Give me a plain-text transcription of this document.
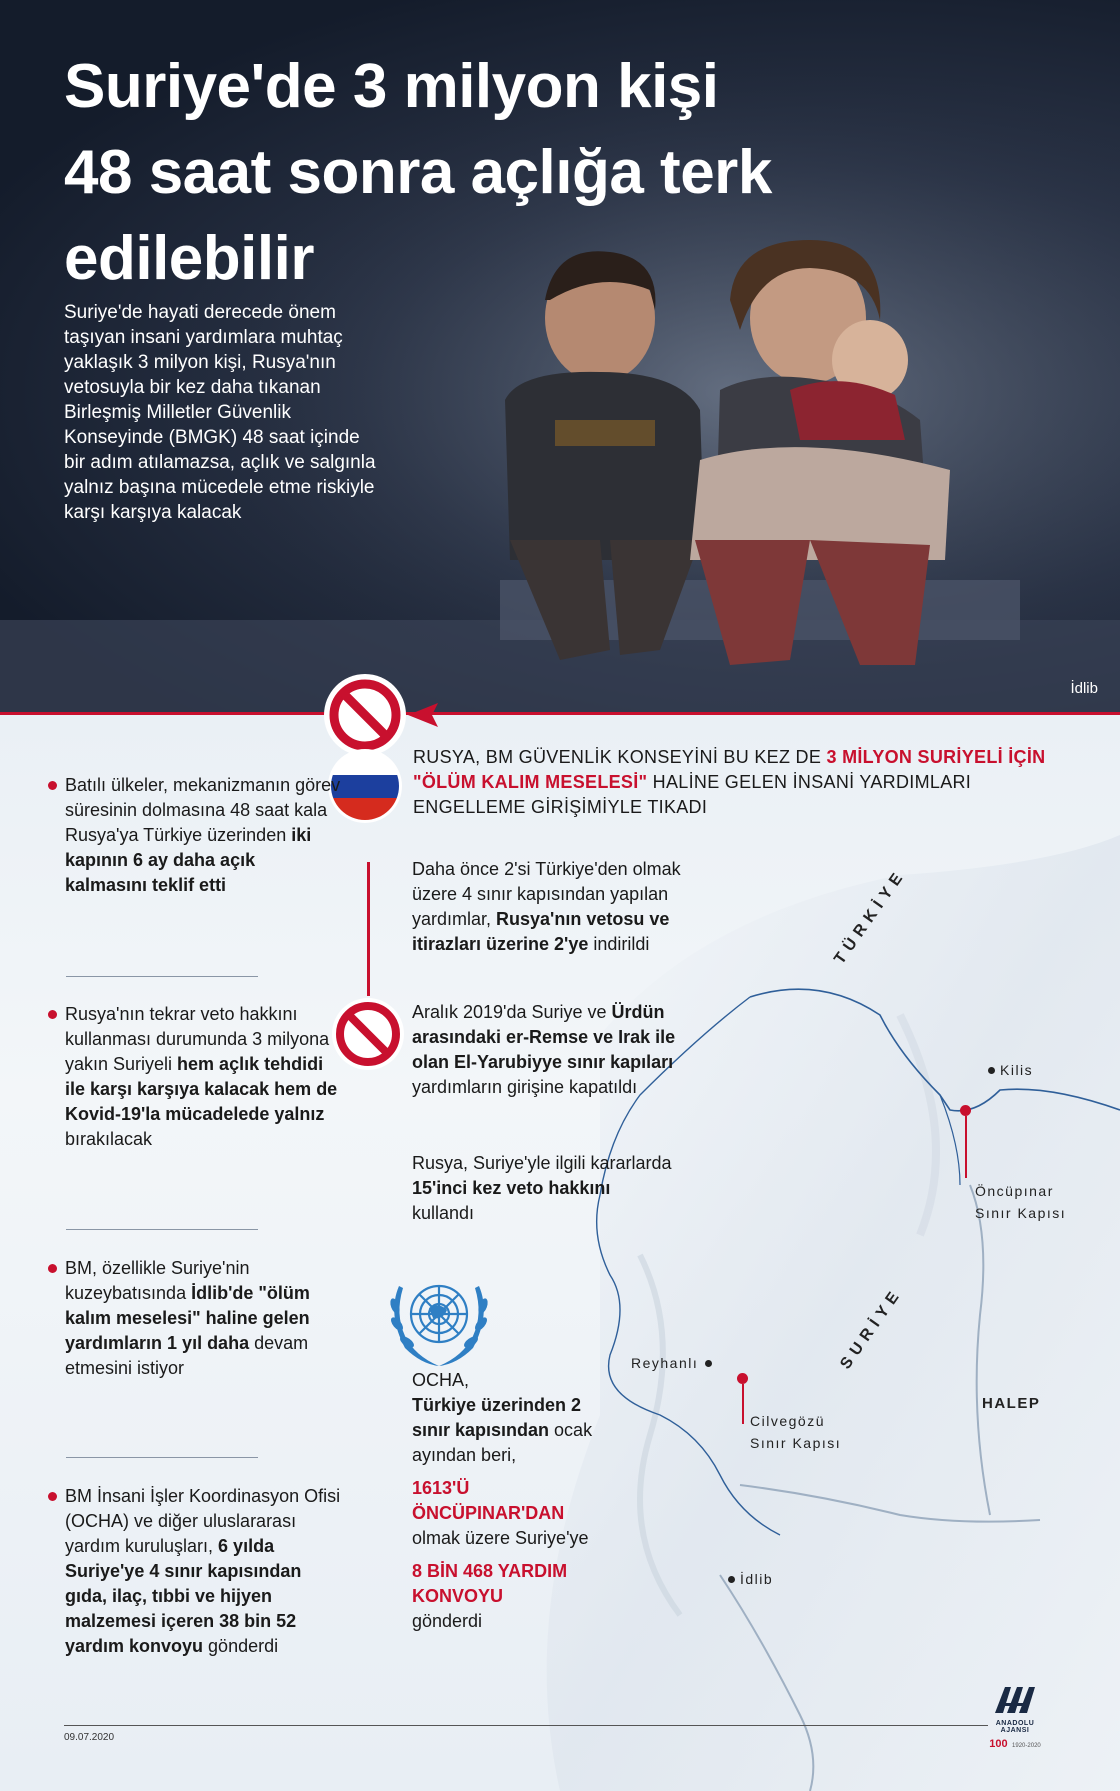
Suriye'de 3 milyon kişi
48 saat sonra açlığa terk
edilebilir

Suriye'de hayati derecede önem taşıyan insani yardımlara muhtaç yaklaşık 3 milyon kişi, Rusya'nın vetosuyla bir kez daha tıkanan Birleşmiş Milletler Güvenlik Konseyinde (BMGK) 48 saat içinde bir adım atılamazsa, açlık ve salgınla yalnız başına mücedele etme riskiyle karşı karşıya kalacak

İdlib
RUSYA, BM GÜVENLİK KONSEYİNİ BU KEZ DE 3 MİLYON SURİYELİ İÇİN "ÖLÜM KALIM MESELESİ" HALİNE GELEN İNSANİ YARDIMLARI ENGELLEME GİRİŞİMİYLE TIKADI
Batılı ülkeler, mekanizmanın görev süresinin dolmasına 48 saat kala Rusya'ya Türkiye üzerinden iki kapının 6 ay daha açık kalmasını teklif etti
Rusya'nın tekrar veto hakkını kullanması durumunda 3 milyona yakın Suriyeli hem açlık tehdidi ile karşı karşıya kalacak hem de Kovid-19'la mücadelede yalnız bırakılacak
BM, özellikle Suriye'nin kuzeybatısında İdlib'de "ölüm kalım meselesi" haline gelen yardımların 1 yıl daha devam etmesini istiyor
BM İnsani İşler Koordinasyon Ofisi (OCHA) ve diğer uluslararası yardım kuruluşları, 6 yılda Suriye'ye 4 sınır kapısından gıda, ilaç, tıbbi ve hijyen malzemesi içeren 38 bin 52 yardım konvoyu gönderdi
Daha önce 2'si Türkiye'den olmak üzere 4 sınır kapısından yapılan yardımlar, Rusya'nın vetosu ve itirazları üzerine 2'ye indirildi
Aralık 2019'da Suriye ve Ürdün arasındaki er-Remse ve Irak ile olan El-Yarubiyye sınır kapıları yardımların girişine kapatıldı
Rusya, Suriye'yle ilgili kararlarda 15'inci kez veto hakkını kullandı
OCHA,
Türkiye üzerinden 2 sınır kapısından ocak ayından beri,
1613'Ü ÖNCÜPINAR'DAN
olmak üzere Suriye'ye
8 BİN 468 YARDIM KONVOYU
gönderdi
TÜRKİYE
SURİYE
Kilis
Öncüpınar Sınır Kapısı
Reyhanlı
Cilvegözü Sınır Kapısı
HALEP
İdlib
09.07.2020
ANADOLU AJANSI
100 1920-2020
